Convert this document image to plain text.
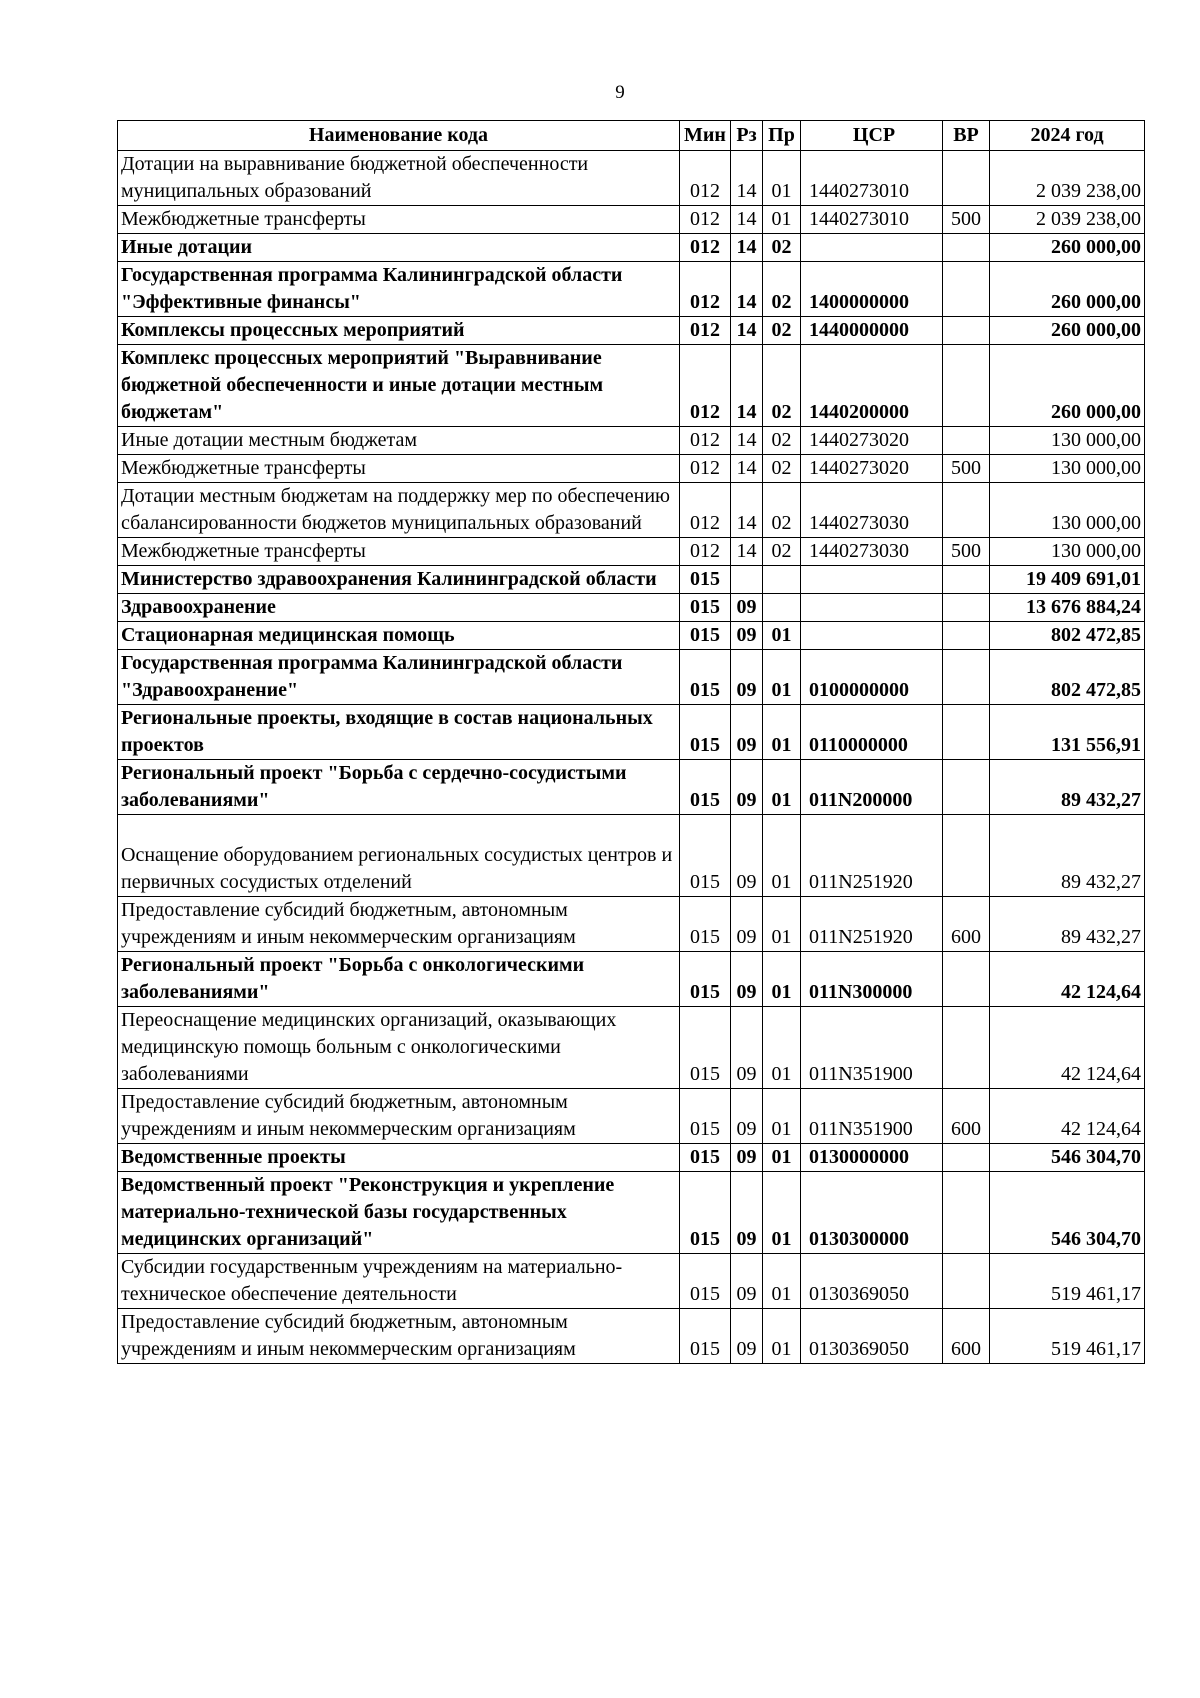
9
Наименование кода	Мин	Рз	Пр	ЦСР	ВР	2024 год
Дотации на выравнивание бюджетной обеспеченности муниципальных образований	012	14	01	1440273010		2 039 238,00
Межбюджетные трансферты	012	14	01	1440273010	500	2 039 238,00
Иные дотации	012	14	02			260 000,00
Государственная программа Калининградской области "Эффективные финансы"	012	14	02	1400000000		260 000,00
Комплексы процессных мероприятий	012	14	02	1440000000		260 000,00
Комплекс процессных мероприятий "Выравнивание бюджетной обеспеченности и иные дотации местным бюджетам"	012	14	02	1440200000		260 000,00
Иные дотации местным бюджетам	012	14	02	1440273020		130 000,00
Межбюджетные трансферты	012	14	02	1440273020	500	130 000,00
Дотации местным бюджетам на поддержку мер по обеспечению сбалансированности бюджетов муниципальных образований	012	14	02	1440273030		130 000,00
Межбюджетные трансферты	012	14	02	1440273030	500	130 000,00
Министерство здравоохранения Калининградской области	015					19 409 691,01
Здравоохранение	015	09				13 676 884,24
Стационарная медицинская помощь	015	09	01			802 472,85
Государственная программа Калининградской области "Здравоохранение"	015	09	01	0100000000		802 472,85
Региональные проекты, входящие в состав национальных проектов	015	09	01	0110000000		131 556,91
Региональный проект "Борьба с сердечно-сосудистыми заболеваниями"	015	09	01	011N200000		89 432,27
Оснащение оборудованием региональных сосудистых центров и первичных сосудистых отделений	015	09	01	011N251920		89 432,27
Предоставление субсидий бюджетным, автономным учреждениям и иным некоммерческим организациям	015	09	01	011N251920	600	89 432,27
Региональный проект "Борьба с онкологическими заболеваниями"	015	09	01	011N300000		42 124,64
Переоснащение медицинских организаций, оказывающих медицинскую помощь больным с онкологическими заболеваниями	015	09	01	011N351900		42 124,64
Предоставление субсидий бюджетным, автономным учреждениям и иным некоммерческим организациям	015	09	01	011N351900	600	42 124,64
Ведомственные проекты	015	09	01	0130000000		546 304,70
Ведомственный проект "Реконструкция и укрепление материально-технической базы государственных медицинских организаций"	015	09	01	0130300000		546 304,70
Субсидии государственным учреждениям на материально-техническое обеспечение деятельности	015	09	01	0130369050		519 461,17
Предоставление субсидий бюджетным, автономным учреждениям и иным некоммерческим организациям	015	09	01	0130369050	600	519 461,17
